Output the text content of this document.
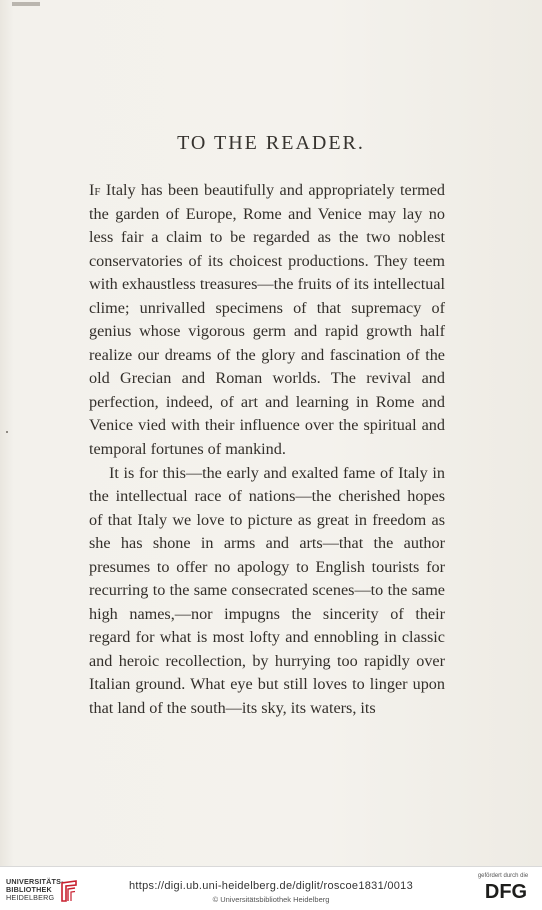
TO THE READER.

If Italy has been beautifully and appropriately termed the garden of Europe, Rome and Venice may lay no less fair a claim to be regarded as the two noblest conservatories of its choicest productions. They teem with exhaustless treasures—the fruits of its intellectual clime; unrivalled specimens of that supremacy of genius whose vigorous germ and rapid growth half realize our dreams of the glory and fascination of the old Grecian and Roman worlds. The revival and perfection, indeed, of art and learning in Rome and Venice vied with their influence over the spiritual and temporal fortunes of mankind.

It is for this—the early and exalted fame of Italy in the intellectual race of nations—the cherished hopes of that Italy we love to picture as great in freedom as she has shone in arms and arts—that the author presumes to offer no apology to English tourists for recurring to the same consecrated scenes—to the same high names,—nor impugns the sincerity of their regard for what is most lofty and ennobling in classic and heroic recollection, by hurrying too rapidly over Italian ground. What eye but still loves to linger upon that land of the south—its sky, its waters, its

UNIVERSITÄTS-
BIBLIOTHEK
HEIDELBERG
https://digi.ub.uni-heidelberg.de/diglit/roscoe1831/0013
© Universitätsbibliothek Heidelberg
gefördert durch die
DFG
